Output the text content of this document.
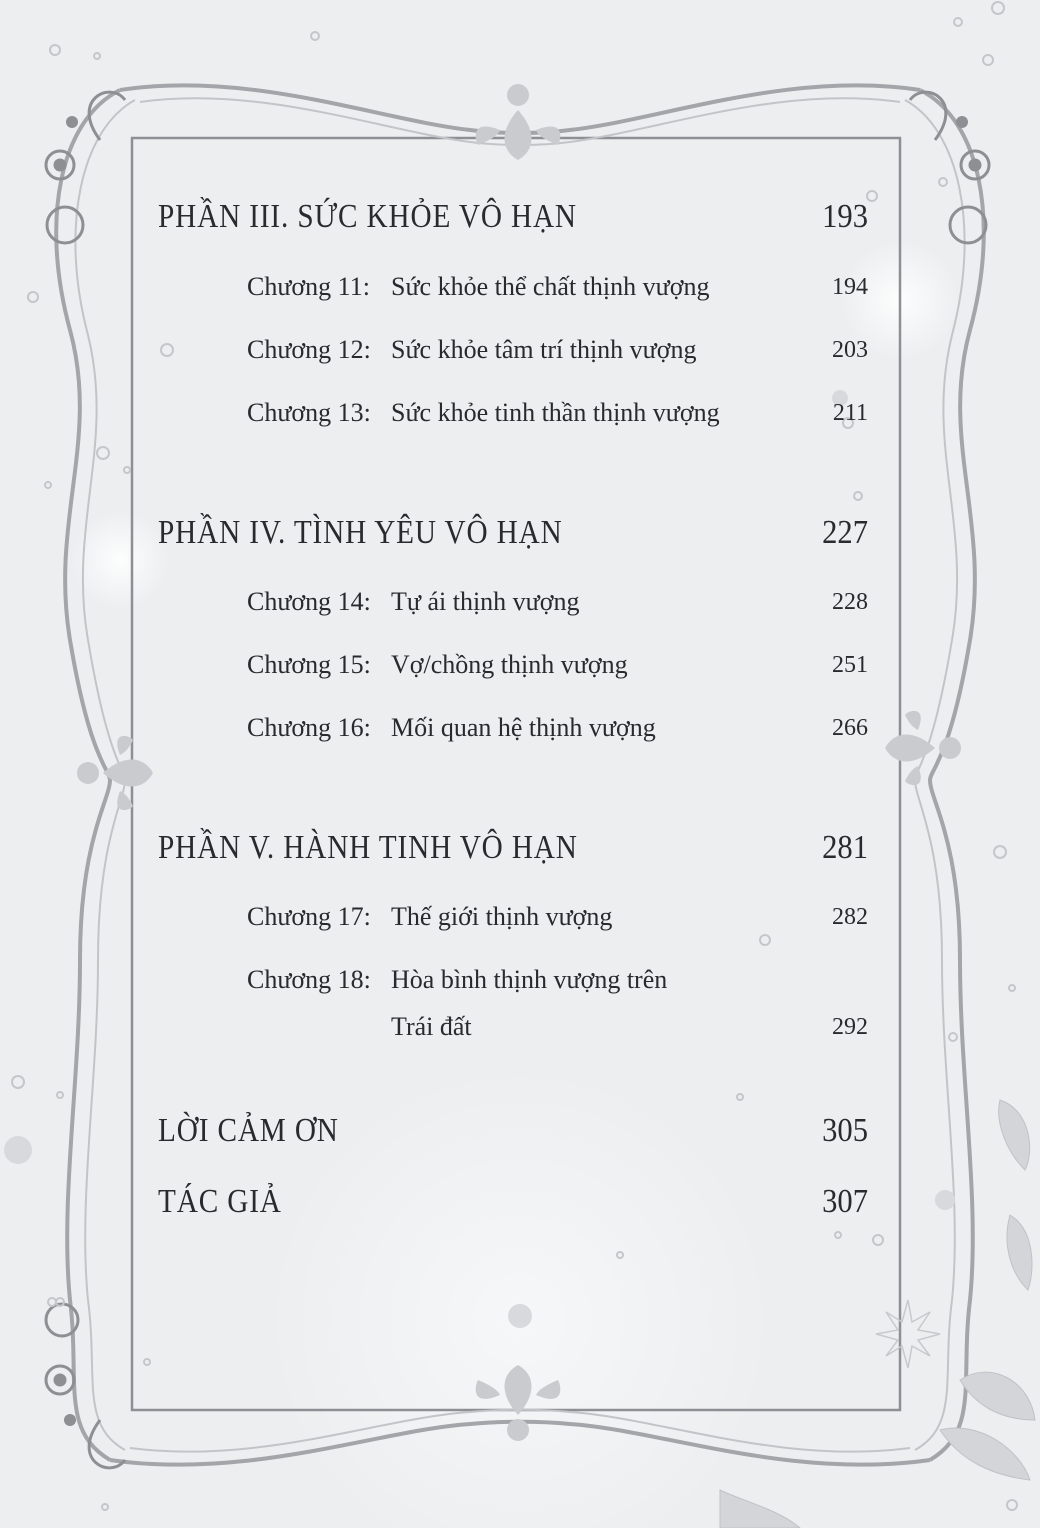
PHẦN III. SỨC KHỎE VÔ HẠN	193
Chương 11: Sức khỏe thể chất thịnh vượng	194
Chương 12: Sức khỏe tâm trí thịnh vượng	203
Chương 13: Sức khỏe tinh thần thịnh vượng	211
PHẦN IV. TÌNH YÊU VÔ HẠN	227
Chương 14: Tự ái thịnh vượng	228
Chương 15: Vợ/chồng thịnh vượng	251
Chương 16: Mối quan hệ thịnh vượng	266
PHẦN V. HÀNH TINH VÔ HẠN	281
Chương 17: Thế giới thịnh vượng	282
Chương 18: Hòa bình thịnh vượng trên
Trái đất	292
LỜI CẢM ƠN	305
TÁC GIẢ	307
